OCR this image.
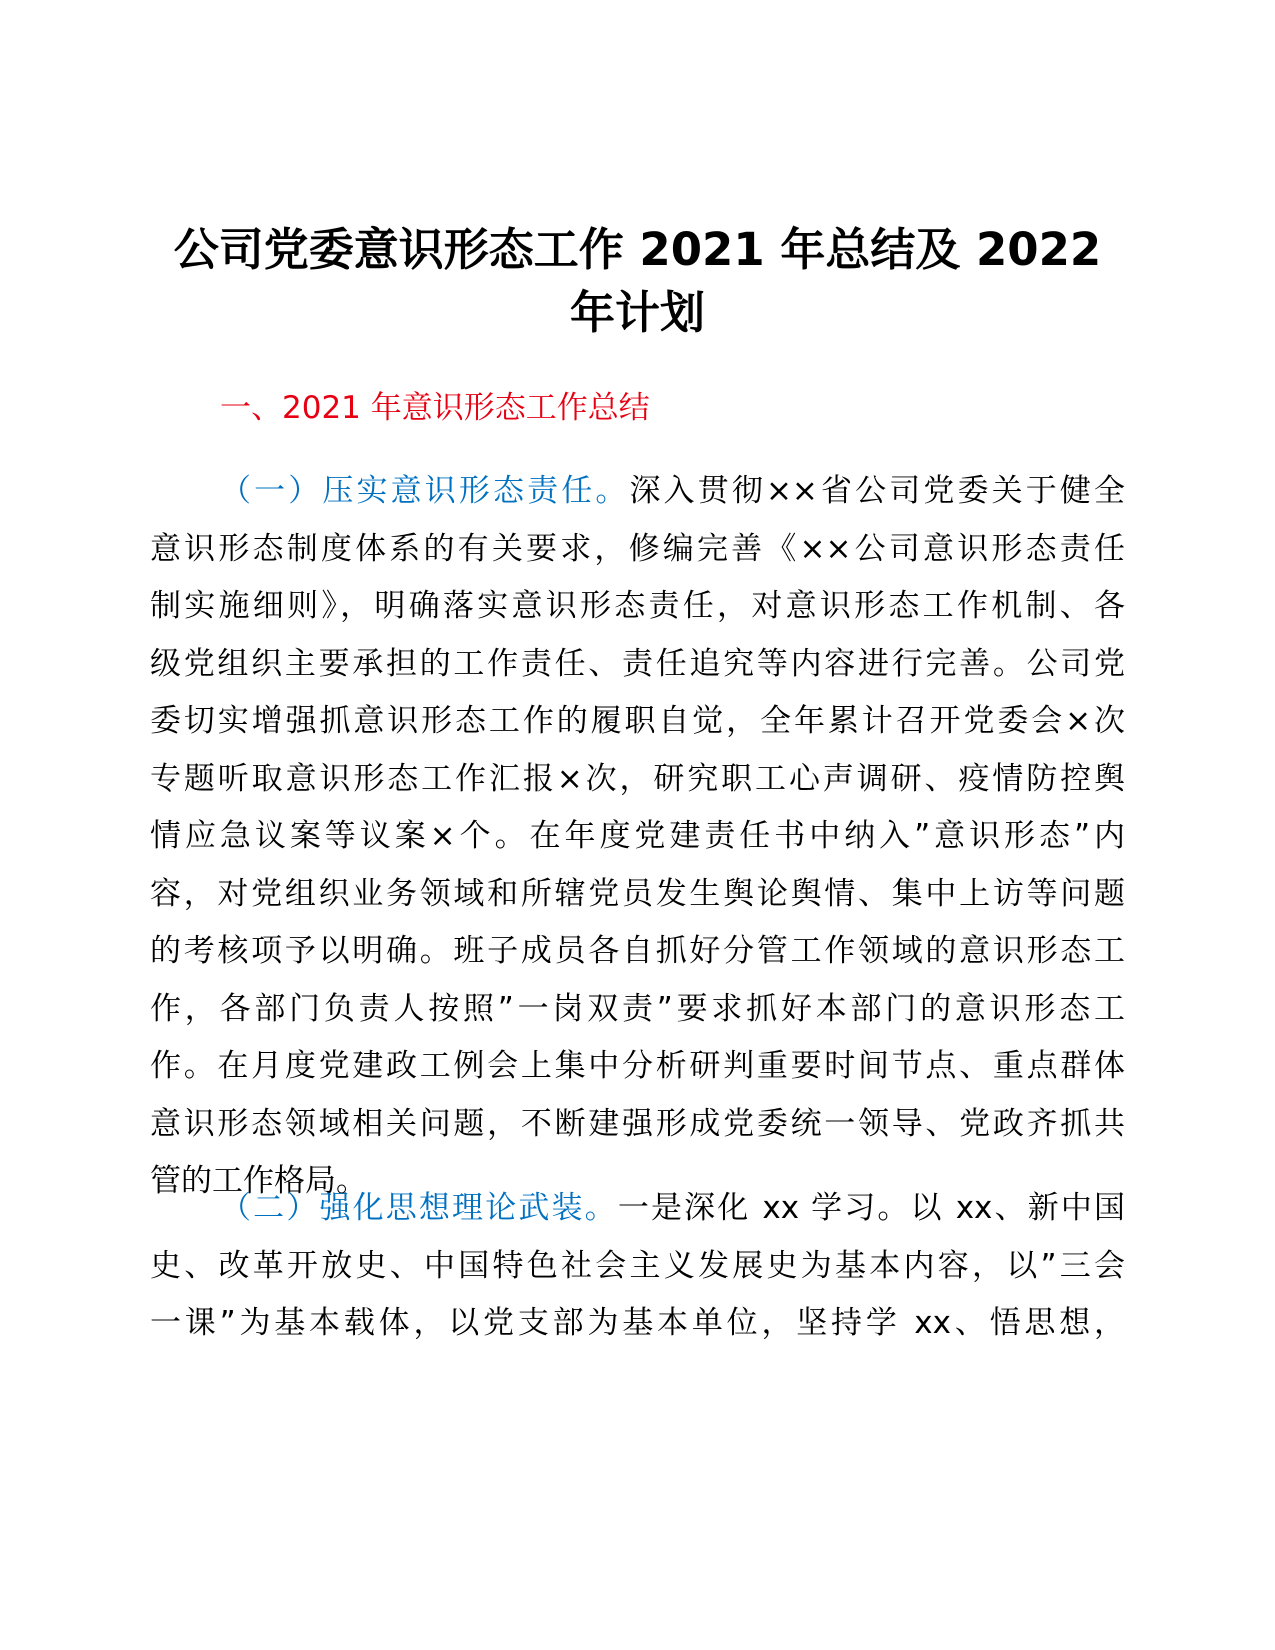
公司党委意识形态工作 2021 年总结及 2022
年计划
一、2021 年意识形态工作总结
（一）压实意识形态责任。深入贯彻××省公司党委关于健全
意识形态制度体系的有关要求，修编完善《××公司意识形态责任
制实施细则》，明确落实意识形态责任，对意识形态工作机制、各
级党组织主要承担的工作责任、责任追究等内容进行完善。公司党
委切实增强抓意识形态工作的履职自觉，全年累计召开党委会×次
专题听取意识形态工作汇报×次，研究职工心声调研、疫情防控舆
情应急议案等议案×个。在年度党建责任书中纳入”意识形态”内
容，对党组织业务领域和所辖党员发生舆论舆情、集中上访等问题
的考核项予以明确。班子成员各自抓好分管工作领域的意识形态工
作，各部门负责人按照”一岗双责”要求抓好本部门的意识形态工
作。在月度党建政工例会上集中分析研判重要时间节点、重点群体
意识形态领域相关问题，不断建强形成党委统一领导、党政齐抓共
管的工作格局。
（二）强化思想理论武装。一是深化 xx 学习。以 xx、新中国
史、改革开放史、中国特色社会主义发展史为基本内容，以”三会
一课”为基本载体，以党支部为基本单位，坚持学 xx、悟思想，
